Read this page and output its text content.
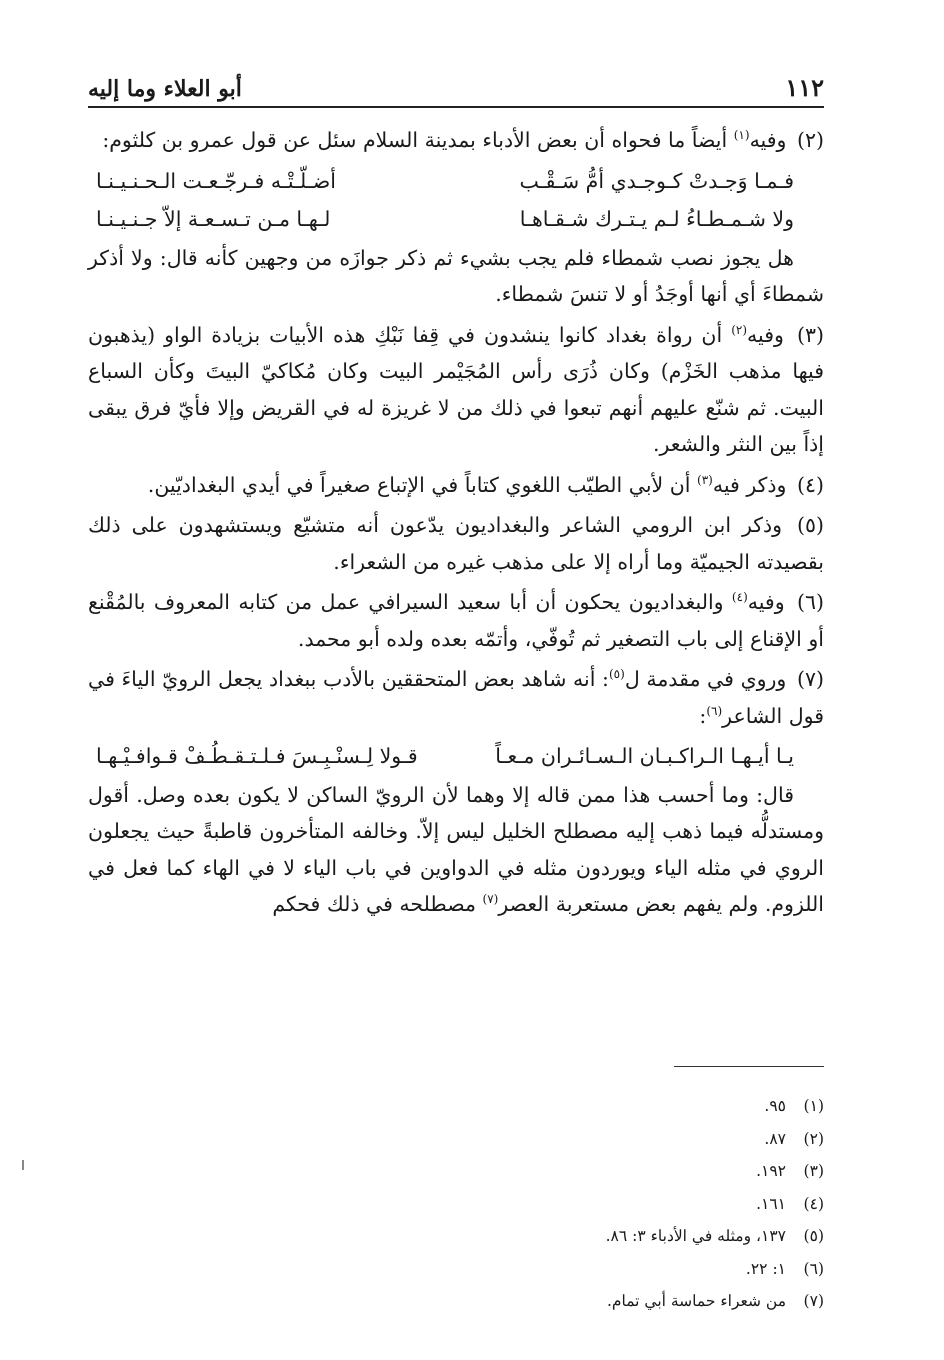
١١٢
أبو العلاء وما إليه

(٢) وفيه$^{(١)}$ أيضاً ما فحواه أن بعض الأدباء بمدينة السلام سئل عن قول عمرو بن كلثوم:

فـمـا وَجـدتْ كـوجـدي أمُّ سَـقْـب
أضـلّـتْـه فـرجّـعـت الـحـنـيـنـا
ولا شـمـطـاءُ لـم يـتـرك شـقـاهـا
لـهـا مـن تـسـعـة إلاّ جـنـيـنـا

هل يجوز نصب شمطاء فلم يجب بشيء ثم ذكر جوازَه من وجهين كأنه قال: ولا أذكر شمطاءَ أي أنها أوجَدُ أو لا تنسَ شمطاء.

(٣) وفيه$^{(٢)}$ أن رواة بغداد كانوا ينشدون في قِفا نَبْكِ هذه الأبيات بزيادة الواو (يذهبون فيها مذهب الخَزْم) وكان ذُرَى رأس المُجَيْمر البيت وكان مُكاكيّ البيتَ وكأن السباع البيت. ثم شنّع عليهم أنهم تبعوا في ذلك من لا غريزة له في القريض وإلا فأيّ فرق يبقى إذاً بين النثر والشعر.

(٤) وذكر فيه$^{(٣)}$ أن لأبي الطيّب اللغوي كتاباً في الإتباع صغيراً في أيدي البغداديّين.

(٥) وذكر ابن الرومي الشاعر والبغداديون يدّعون أنه متشيّع ويستشهدون على ذلك بقصيدته الجيميّة وما أراه إلا على مذهب غيره من الشعراء.

(٦) وفيه$^{(٤)}$ والبغداديون يحكون أن أبا سعيد السيرافي عمل من كتابه المعروف بالمُقْنع أو الإقناع إلى باب التصغير ثم تُوفّي، وأتمّه بعده ولده أبو محمد.

(٧) وروي في مقدمة ل$^{(٥)}$: أنه شاهد بعض المتحققين بالأدب ببغداد يجعل الرويّ الياءَ في قول الشاعر$^{(٦)}$:

يـا أيـهـا الـراكـبـان الـسـائـران مـعـاً
قـولا لِـسنْـبِـسَ فـلـتـقـطُـفْ قـوافـيْـهـا

قال: وما أحسب هذا ممن قاله إلا وهما لأن الرويّ الساكن لا يكون بعده وصل. أقول ومستدلُّه فيما ذهب إليه مصطلح الخليل ليس إلاّ. وخالفه المتأخرون قاطبةً حيث يجعلون الروي في مثله الياء ويوردون مثله في الدواوين في باب الياء لا في الهاء كما فعل في اللزوم. ولم يفهم بعض مستعربة العصر$^{(٧)}$ مصطلحه في ذلك فحكم

(١)
٩٥.
(٢)
٨٧.
(٣)
١٩٢.
(٤)
١٦١.
(٥)
١٣٧، ومثله في الأدباء ٣: ٨٦.
(٦)
١: ٢٢.
(٧)
من شعراء حماسة أبي تمام.
